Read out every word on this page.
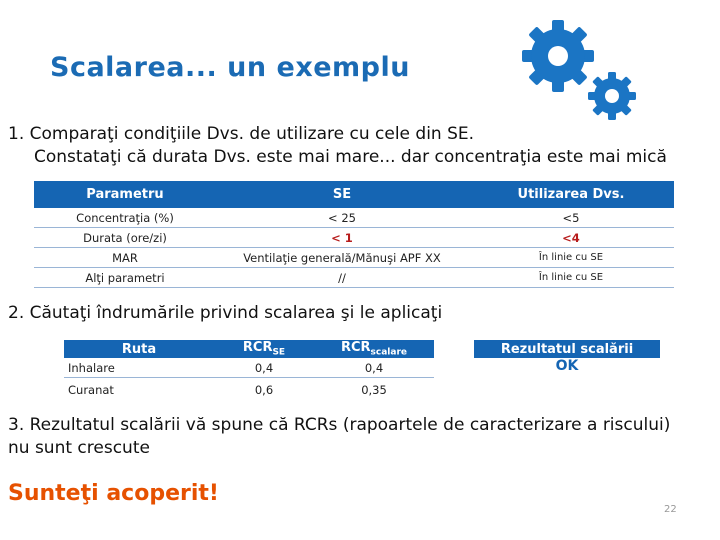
Scalarea... un exemplu
1. Comparaţi condiţiile Dvs. de utilizare cu cele din SE.
Constataţi că durata Dvs. este mai mare... dar concentraţia este mai mică
Parametru	SE	Utilizarea Dvs.
Concentraţia (%)	< 25	<5
Durata (ore/zi)	< 1	<4
MAR	Ventilaţie generală/Mănuşi APF XX	În linie cu SE
Alţi parametri	//	În linie cu SE
2. Căutaţi îndrumările privind scalarea şi le aplicaţi
Ruta	$RCR_{SE}$	$RCR_{scalare}$		Rezultatul scalării
Inhalare	0,4	0,4		OK
Curanat	0,6	0,35		
3. Rezultatul scalării vă spune că RCRs (rapoartele de caracterizare a riscului) nu sunt crescute
Sunteţi acoperit!
22
